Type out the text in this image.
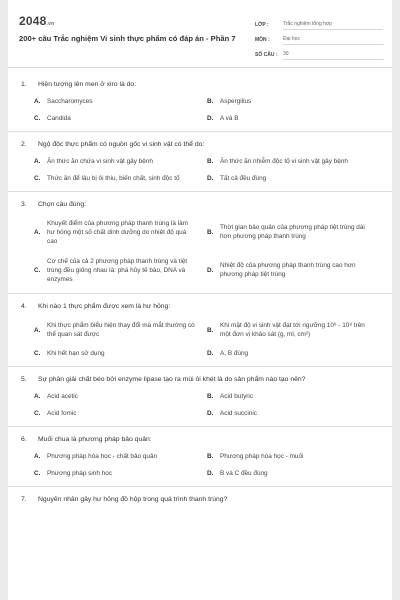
2048.vn
200+ câu Trắc nghiệm Vi sinh thực phẩm có đáp án - Phần 7
LỚP :	Trắc nghiệm tổng hợp
MÔN :	Đại học
SỐ CÂU :	30
1.	Hiện tượng lên men ở xiro là do:
A.	Saccharomyces	B.	Aspergillus
C.	Candida	D.	A và B
2.	Ngộ độc thực phẩm có nguồn gốc vi sinh vật có thể do:
A.	Ăn thức ăn chứa vi sinh vật gây bệnh	B.	Ăn thức ăn nhiễm độc tố vi sinh vật gây bệnh
C.	Thức ăn để lâu bị ôi thiu, biến chất, sinh độc tố	D.	Tất cả đều đúng
3.	Chọn câu đúng:
A.
Khuyết điểm của phương pháp thanh trùng là làm hư hỏng một số chất dinh dưỡng do nhiệt độ quá cao
B.
Thời gian bảo quản của phương pháp tiệt trùng dài hơn phương pháp thanh trùng
C.
Cơ chế của cả 2 phương pháp thanh trùng và tiệt trùng đều giống nhau là: phá hủy tế bào, DNA và enzymes
D.
Nhiệt độ của phương pháp thanh trùng cao hơn phương pháp tiệt trùng
4.	Khi nào 1 thực phẩm được xem là hư hỏng:
A.
Khi thực phẩm biểu hiện thay đổi mà mắt thường có thể quan sát được
B.
Khi mật độ vi sinh vật đạt tới ngưỡng 10⁶ - 10⁸ trên một đơn vị khảo sát (g, ml, cm²)
C.	Khi hết hạn sử dụng	D.	A, B đúng
5.	Sự phân giải chất béo bởi enzyme lipase tạo ra mùi ôi khét là do sản phẩm nào tạo nên?
A.	Acid acetic	B.	Acid butyric
C.	Acid fomic	D.	Acid succinic
6.	Muối chua là phương pháp bảo quản:
A.	Phương pháp hóa học - chất bảo quản	B.	Phương pháp hóa học - muối
C.	Phương pháp sinh học	D.	B và C đều đúng
7.	Nguyên nhân gây hư hỏng đồ hộp trong quá trình thanh trùng?
